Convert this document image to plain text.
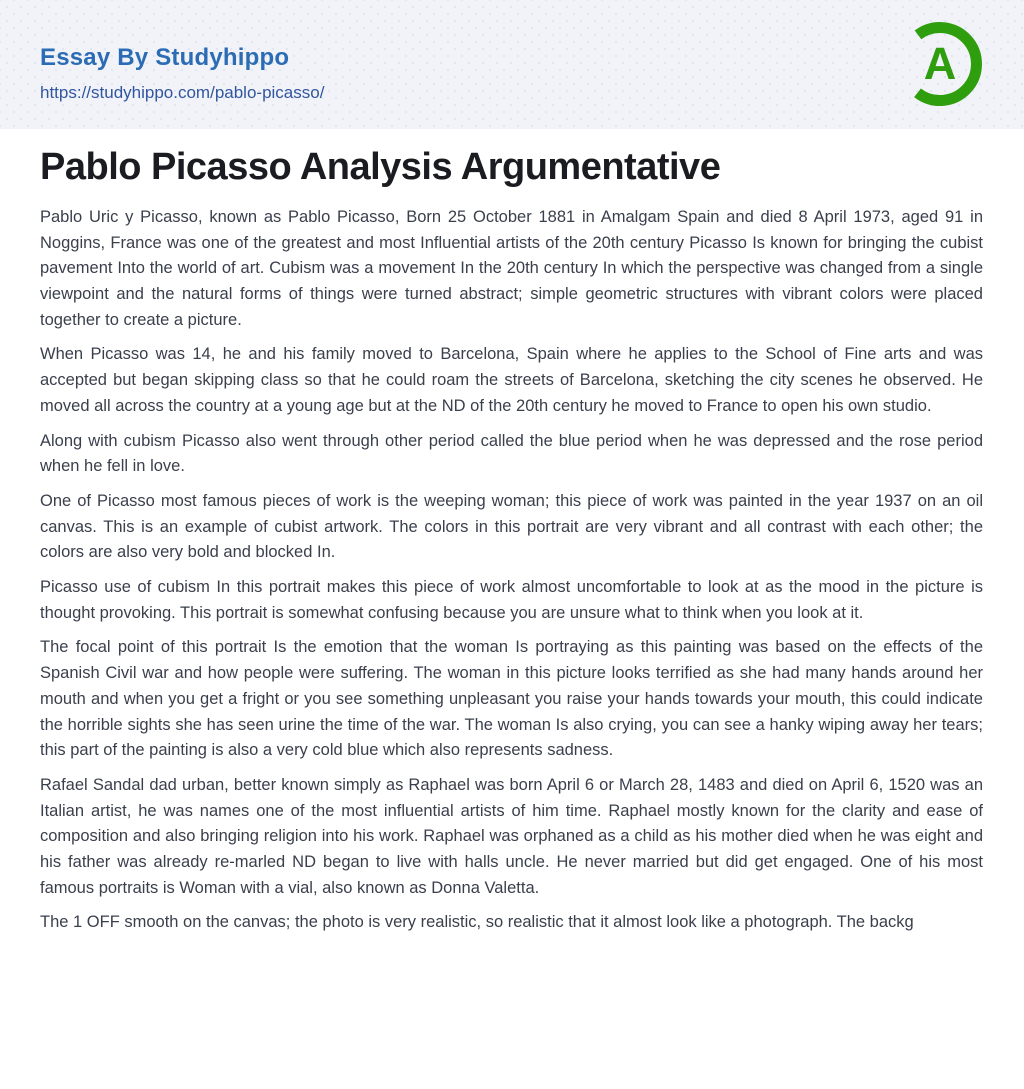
Essay By Studyhippo
https://studyhippo.com/pablo-picasso/
A
Pablo Picasso Analysis Argumentative

Pablo Uric y Picasso, known as Pablo Picasso, Born 25 October 1881 in Amalgam Spain and died 8 April 1973, aged 91 in Noggins, France was one of the greatest and most Influential artists of the 20th century Picasso Is known for bringing the cubist pavement Into the world of art. Cubism was a movement In the 20th century In which the perspective was changed from a single viewpoint and the natural forms of things were turned abstract; simple geometric structures with vibrant colors were placed together to create a picture.

When Picasso was 14, he and his family moved to Barcelona, Spain where he applies to the School of Fine arts and was accepted but began skipping class so that he could roam the streets of Barcelona, sketching the city scenes he observed. He moved all across the country at a young age but at the ND of the 20th century he moved to France to open his own studio.

Along with cubism Picasso also went through other period called the blue period when he was depressed and the rose period when he fell in love.

One of Picasso most famous pieces of work is the weeping woman; this piece of work was painted in the year 1937 on an oil canvas. This is an example of cubist artwork. The colors in this portrait are very vibrant and all contrast with each other; the colors are also very bold and blocked In.

Picasso use of cubism In this portrait makes this piece of work almost uncomfortable to look at as the mood in the picture is thought provoking. This portrait is somewhat confusing because you are unsure what to think when you look at it.

The focal point of this portrait Is the emotion that the woman Is portraying as this painting was based on the effects of the Spanish Civil war and how people were suffering. The woman in this picture looks terrified as she had many hands around her mouth and when you get a fright or you see something unpleasant you raise your hands towards your mouth, this could indicate the horrible sights she has seen urine the time of the war. The woman Is also crying, you can see a hanky wiping away her tears; this part of the painting is also a very cold blue which also represents sadness.

Rafael Sandal dad urban, better known simply as Raphael was born April 6 or March 28, 1483 and died on April 6, 1520 was an Italian artist, he was names one of the most influential artists of him time. Raphael mostly known for the clarity and ease of composition and also bringing religion into his work. Raphael was orphaned as a child as his mother died when he was eight and his father was already re-marled ND began to live with halls uncle. He never married but did get engaged. One of his most famous portraits is Woman with a vial, also known as Donna Valetta.

The 1 OFF smooth on the canvas; the photo is very realistic, so realistic that it almost look like a photograph. The backg
